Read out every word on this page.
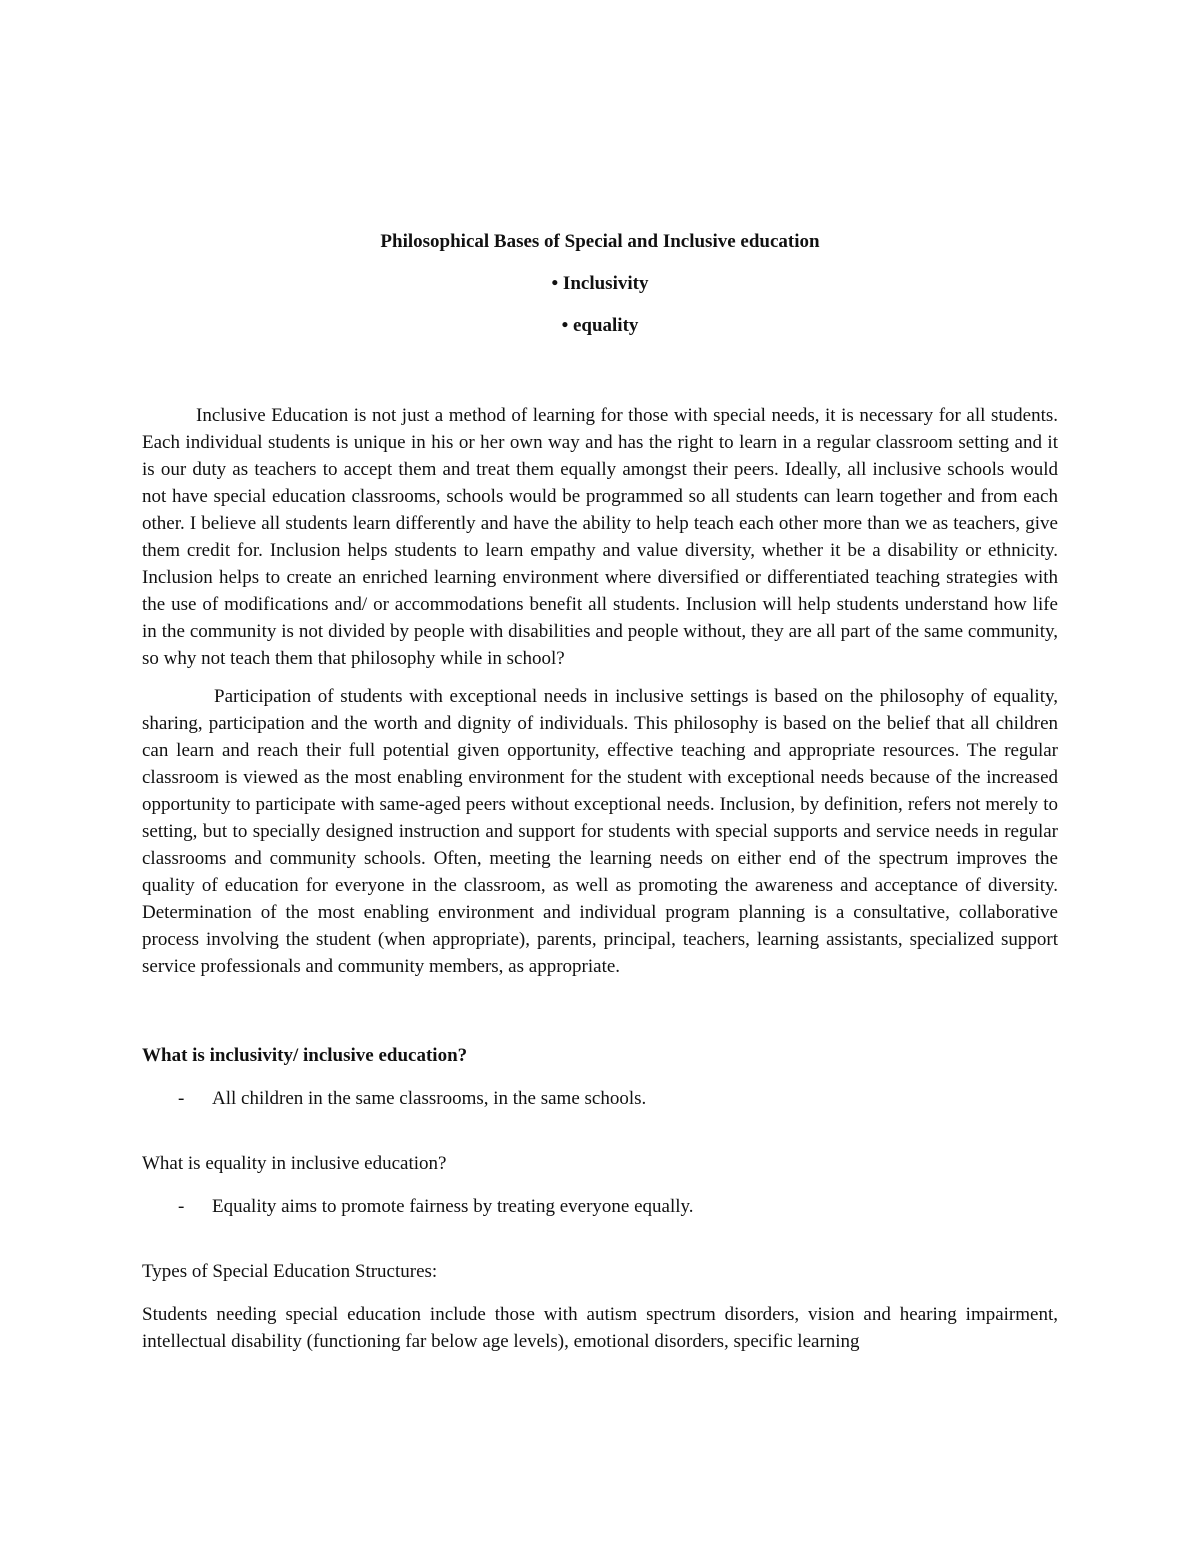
Philosophical Bases of Special and Inclusive education

• Inclusivity

• equality

Inclusive Education is not just a method of learning for those with special needs, it is necessary for all students. Each individual students is unique in his or her own way and has the right to learn in a regular classroom setting and it is our duty as teachers to accept them and treat them equally amongst their peers. Ideally, all inclusive schools would not have special education classrooms, schools would be programmed so all students can learn together and from each other. I believe all students learn differently and have the ability to help teach each other more than we as teachers, give them credit for. Inclusion helps students to learn empathy and value diversity, whether it be a disability or ethnicity. Inclusion helps to create an enriched learning environment where diversified or differentiated teaching strategies with the use of modifications and/ or accommodations benefit all students. Inclusion will help students understand how life in the community is not divided by people with disabilities and people without, they are all part of the same community, so why not teach them that philosophy while in school?

Participation of students with exceptional needs in inclusive settings is based on the philosophy of equality, sharing, participation and the worth and dignity of individuals. This philosophy is based on the belief that all children can learn and reach their full potential given opportunity, effective teaching and appropriate resources. The regular classroom is viewed as the most enabling environment for the student with exceptional needs because of the increased opportunity to participate with same-aged peers without exceptional needs. Inclusion, by definition, refers not merely to setting, but to specially designed instruction and support for students with special supports and service needs in regular classrooms and community schools. Often, meeting the learning needs on either end of the spectrum improves the quality of education for everyone in the classroom, as well as promoting the awareness and acceptance of diversity. Determination of the most enabling environment and individual program planning is a consultative, collaborative process involving the student (when appropriate), parents, principal, teachers, learning assistants, specialized support service professionals and community members, as appropriate.

What is inclusivity/ inclusive education?

-	All children in the same classrooms, in the same schools.

What is equality in inclusive education?

-	Equality aims to promote fairness by treating everyone equally.

Types of Special Education Structures:

Students needing special education include those with autism spectrum disorders, vision and hearing impairment, intellectual disability (functioning far below age levels), emotional disorders, specific learning
